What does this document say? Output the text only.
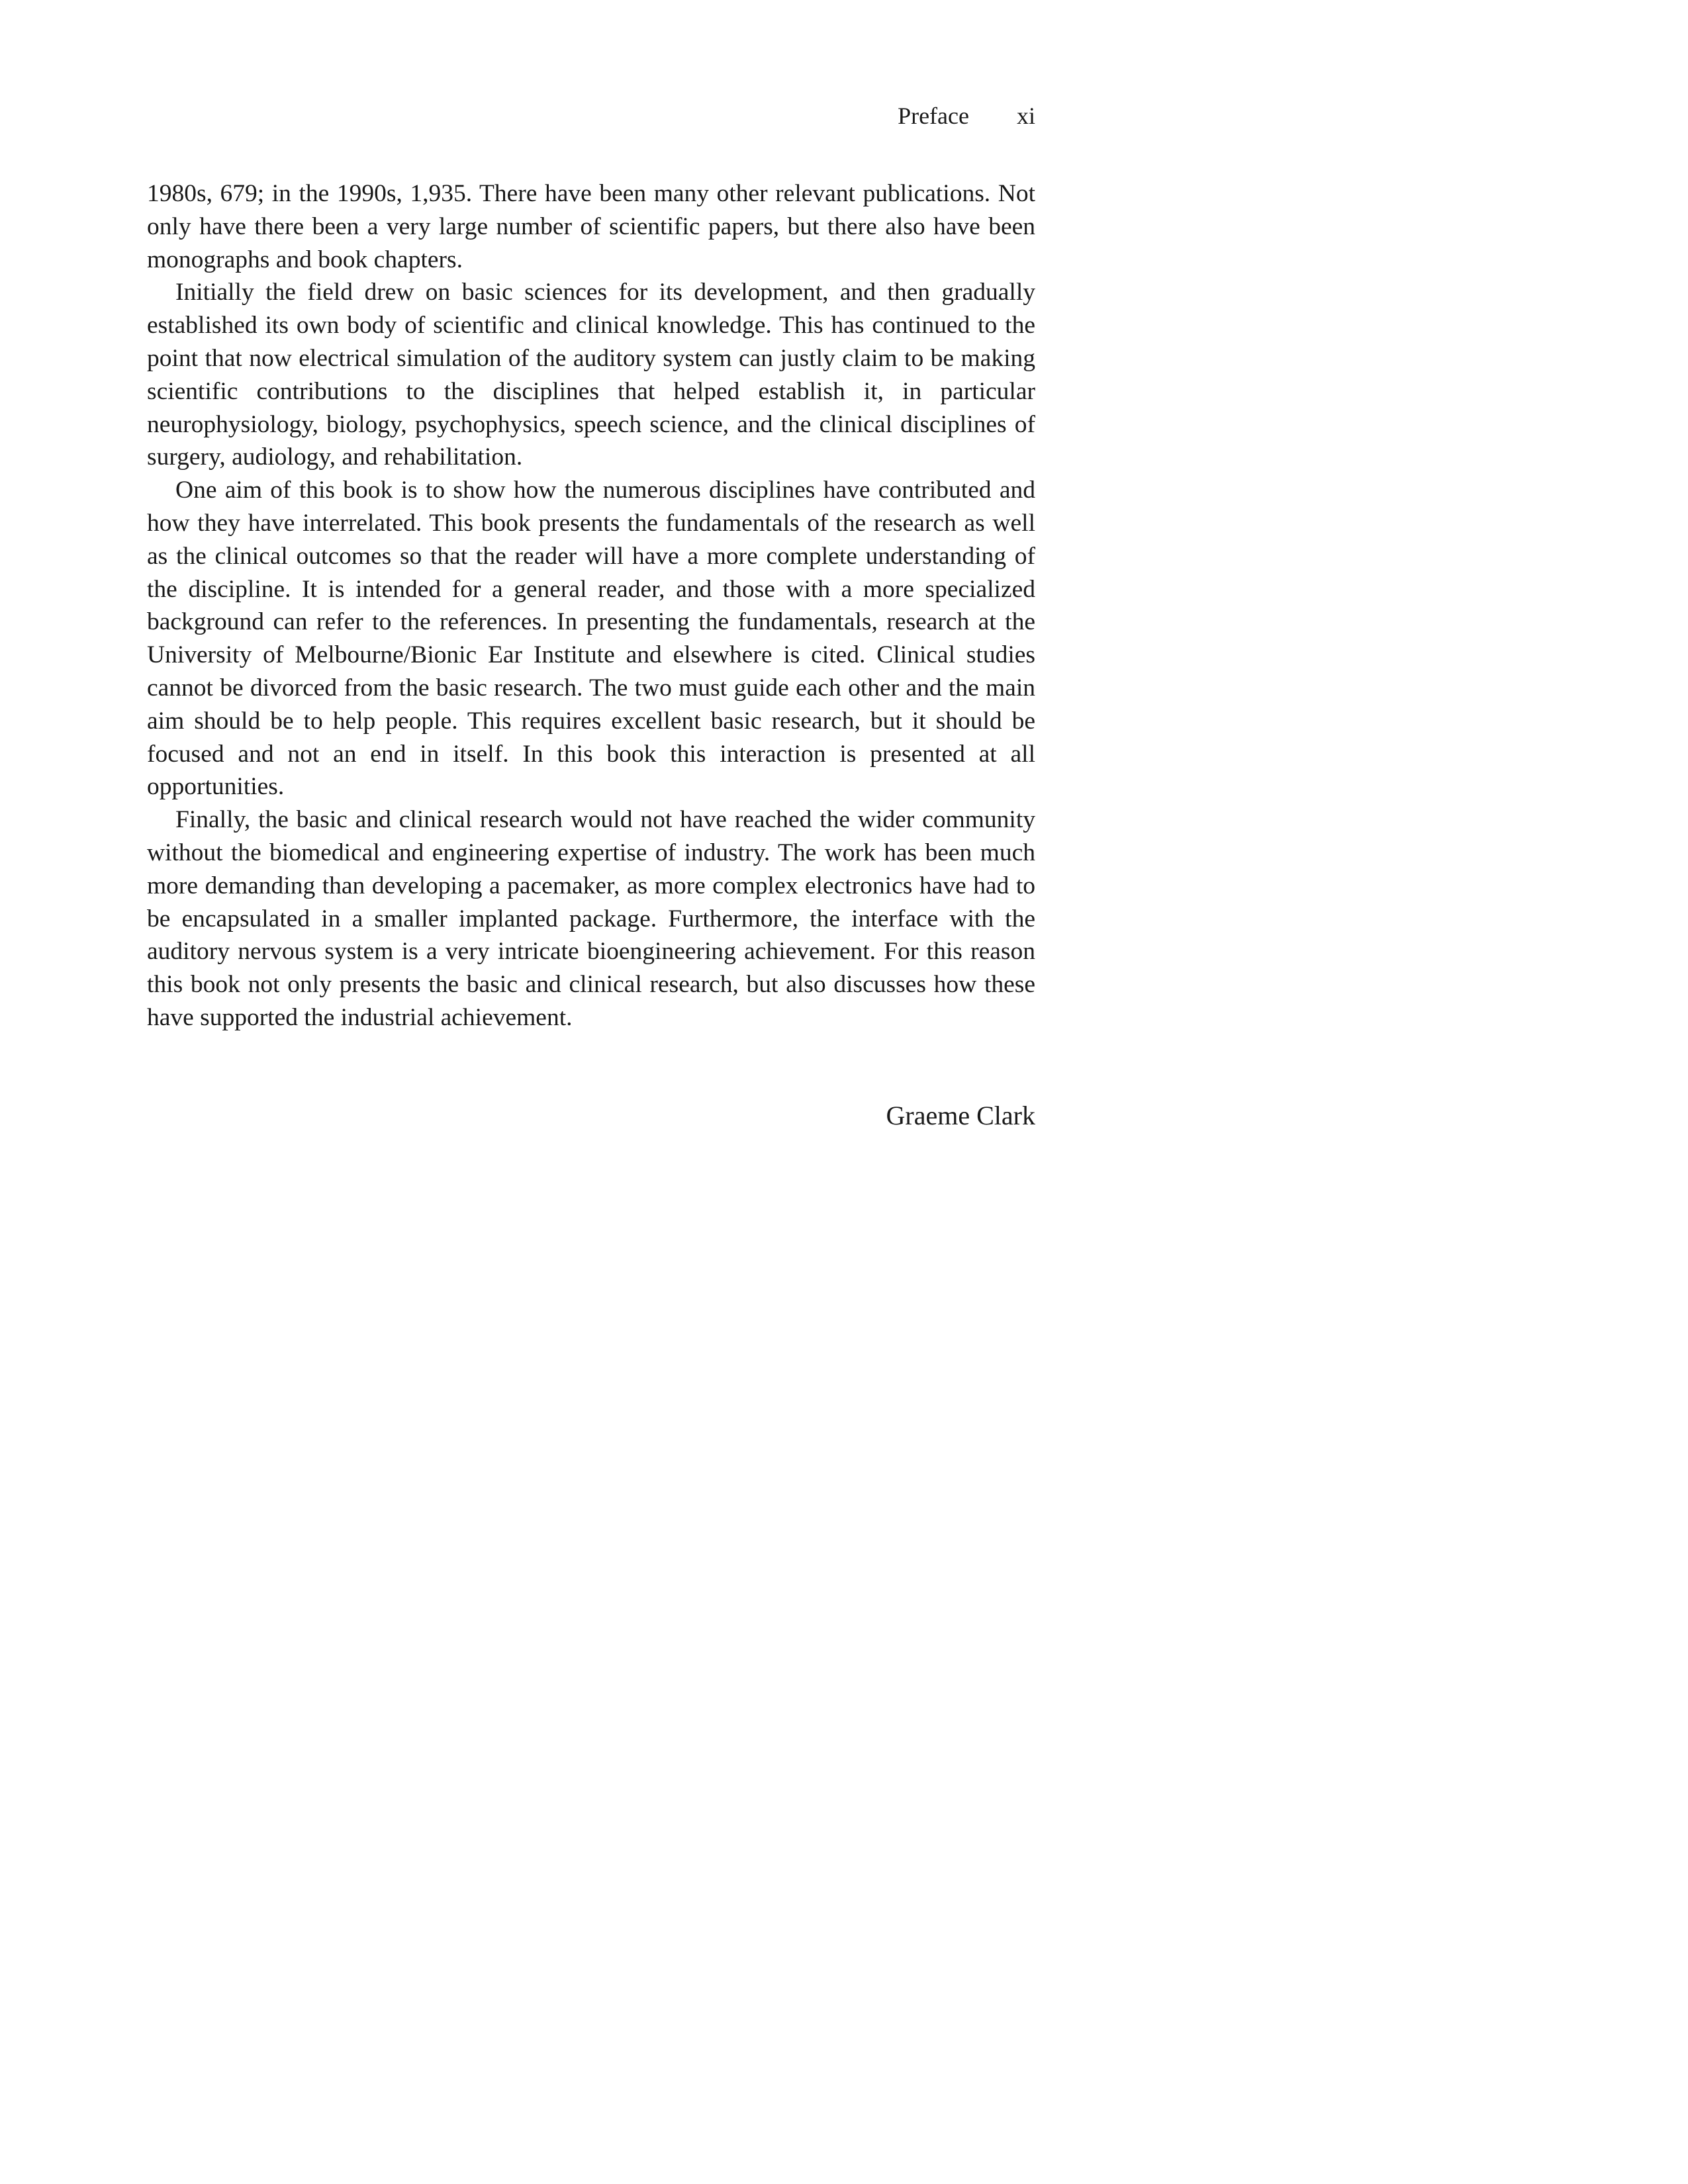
Preface xi

1980s, 679; in the 1990s, 1,935. There have been many other relevant publications. Not only have there been a very large number of scientific papers, but there also have been monographs and book chapters.

Initially the field drew on basic sciences for its development, and then gradually established its own body of scientific and clinical knowledge. This has continued to the point that now electrical simulation of the auditory system can justly claim to be making scientific contributions to the disciplines that helped establish it, in particular neurophysiology, biology, psychophysics, speech science, and the clinical disciplines of surgery, audiology, and rehabilitation.

One aim of this book is to show how the numerous disciplines have contributed and how they have interrelated. This book presents the fundamentals of the research as well as the clinical outcomes so that the reader will have a more complete understanding of the discipline. It is intended for a general reader, and those with a more specialized background can refer to the references. In presenting the fundamentals, research at the University of Melbourne/Bionic Ear Institute and elsewhere is cited. Clinical studies cannot be divorced from the basic research. The two must guide each other and the main aim should be to help people. This requires excellent basic research, but it should be focused and not an end in itself. In this book this interaction is presented at all opportunities.

Finally, the basic and clinical research would not have reached the wider community without the biomedical and engineering expertise of industry. The work has been much more demanding than developing a pacemaker, as more complex electronics have had to be encapsulated in a smaller implanted package. Furthermore, the interface with the auditory nervous system is a very intricate bioengineering achievement. For this reason this book not only presents the basic and clinical research, but also discusses how these have supported the industrial achievement.

Graeme Clark
